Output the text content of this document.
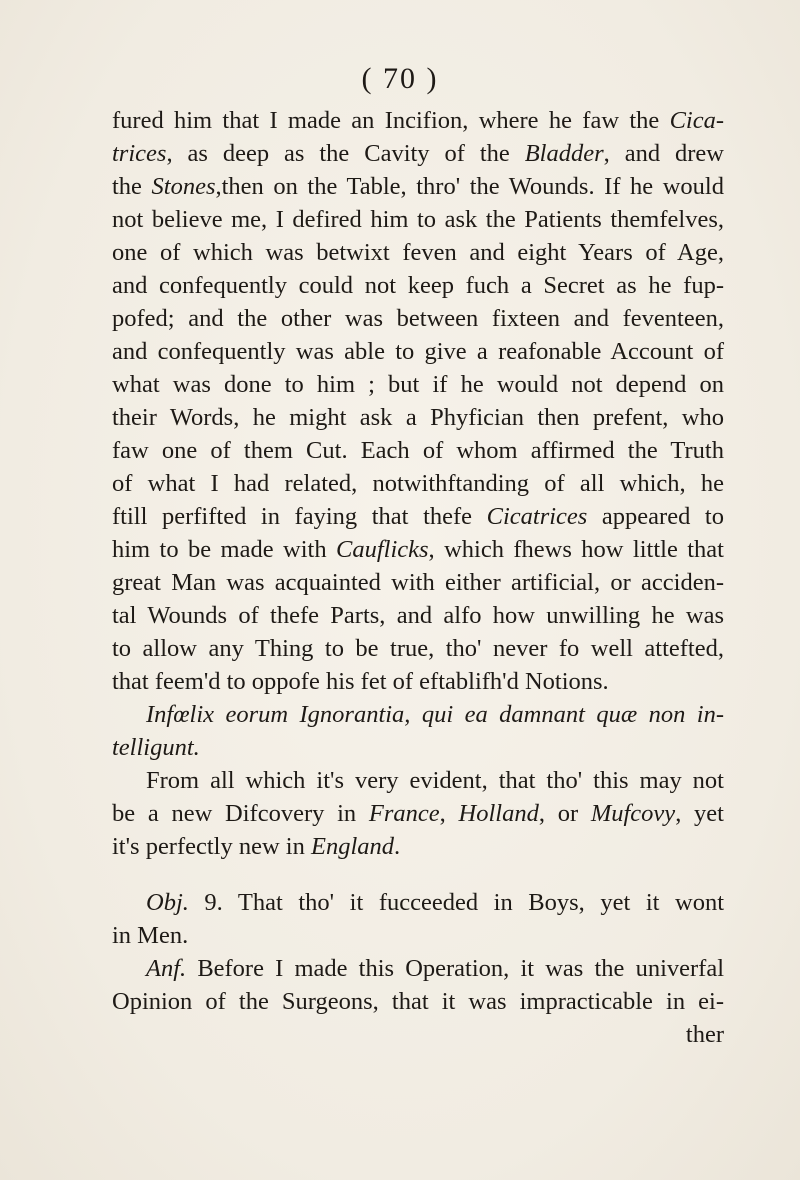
( 70 )
fured him that I made an Incifion, where he faw the Cica-
trices, as deep as the Cavity of the Bladder, and drew
the Stones,then on the Table, thro' the Wounds. If he would
not believe me, I defired him to ask the Patients themfelves,
one of which was betwixt feven and eight Years of Age,
and confequently could not keep fuch a Secret as he fup-
pofed; and the other was between fixteen and feventeen,
and confequently was able to give a reafonable Account of
what was done to him ; but if he would not depend on
their Words, he might ask a Phyfician then prefent, who
faw one of them Cut. Each of whom affirmed the Truth
of what I had related, notwithftanding of all which, he
ftill perfifted in faying that thefe Cicatrices appeared to
him to be made with Cauflicks, which fhews how little that
great Man was acquainted with either artificial, or acciden-
tal Wounds of thefe Parts, and alfo how unwilling he was
to allow any Thing to be true, tho' never fo well attefted,
that feem'd to oppofe his fet of eftablifh'd Notions.
Infœlix eorum Ignorantia, qui ea damnant quæ non in-
telligunt.
From all which it's very evident, that tho' this may not
be a new Difcovery in France, Holland, or Mufcovy, yet
it's perfectly new in England.
Obj. 9. That tho' it fucceeded in Boys, yet it wont
in Men.
Anf. Before I made this Operation, it was the univerfal
Opinion of the Surgeons, that it was impracticable in ei-
ther
